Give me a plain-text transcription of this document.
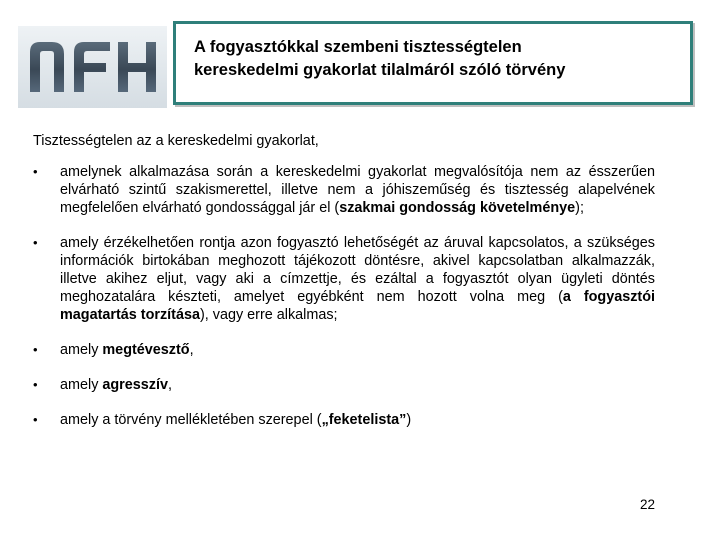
A fogyasztókkal szembeni tisztességtelen
kereskedelmi gyakorlat tilalmáról szóló törvény
Tisztességtelen az a kereskedelmi gyakorlat,
• amelynek alkalmazása során a kereskedelmi gyakorlat megvalósítója nem az ésszerűen elvárható szintű szakismerettel, illetve nem a jóhiszeműség és tisztesség alapelvének megfelelően elvárható gondossággal jár el (szakmai gondosság követelménye);
• amely érzékelhetően rontja azon fogyasztó lehetőségét az áruval kapcsolatos, a szükséges információk birtokában meghozott tájékozott döntésre, akivel kapcsolatban alkalmazzák, illetve akihez eljut, vagy aki a címzettje, és ezáltal a fogyasztót olyan ügyleti döntés meghozatalára készteti, amelyet egyébként nem hozott volna meg (a fogyasztói magatartás torzítása), vagy erre alkalmas;
• amely megtévesztő,
• amely agresszív,
• amely a törvény mellékletében szerepel („feketelista”)
22
